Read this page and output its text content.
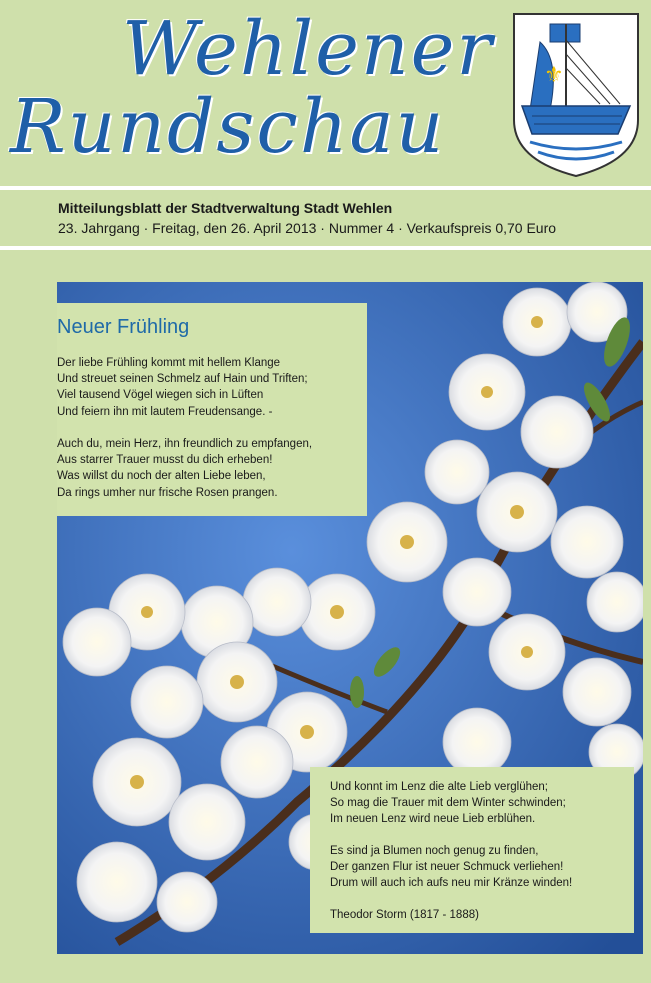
Wehlener
Rundschau
⚜
Mitteilungsblatt der Stadtverwaltung Stadt Wehlen
23. Jahrgang · Freitag, den 26. April 2013 · Nummer 4 · Verkaufspreis 0,70 Euro
Neuer Frühling
Der liebe Frühling kommt mit hellem Klange
Und streuet seinen Schmelz auf Hain und Triften;
Viel tausend Vögel wiegen sich in Lüften
Und feiern ihn mit lautem Freudensange. -
Auch du, mein Herz, ihn freundlich zu empfangen,
Aus starrer Trauer musst du dich erheben!
Was willst du noch der alten Liebe leben,
Da rings umher nur frische Rosen prangen.
Und konnt im Lenz die alte Lieb verglühen;
So mag die Trauer mit dem Winter schwinden;
Im neuen Lenz wird neue Lieb erblühen.
Es sind ja Blumen noch genug zu finden,
Der ganzen Flur ist neuer Schmuck verliehen!
Drum will auch ich aufs neu mir Kränze winden!
Theodor Storm (1817 - 1888)
